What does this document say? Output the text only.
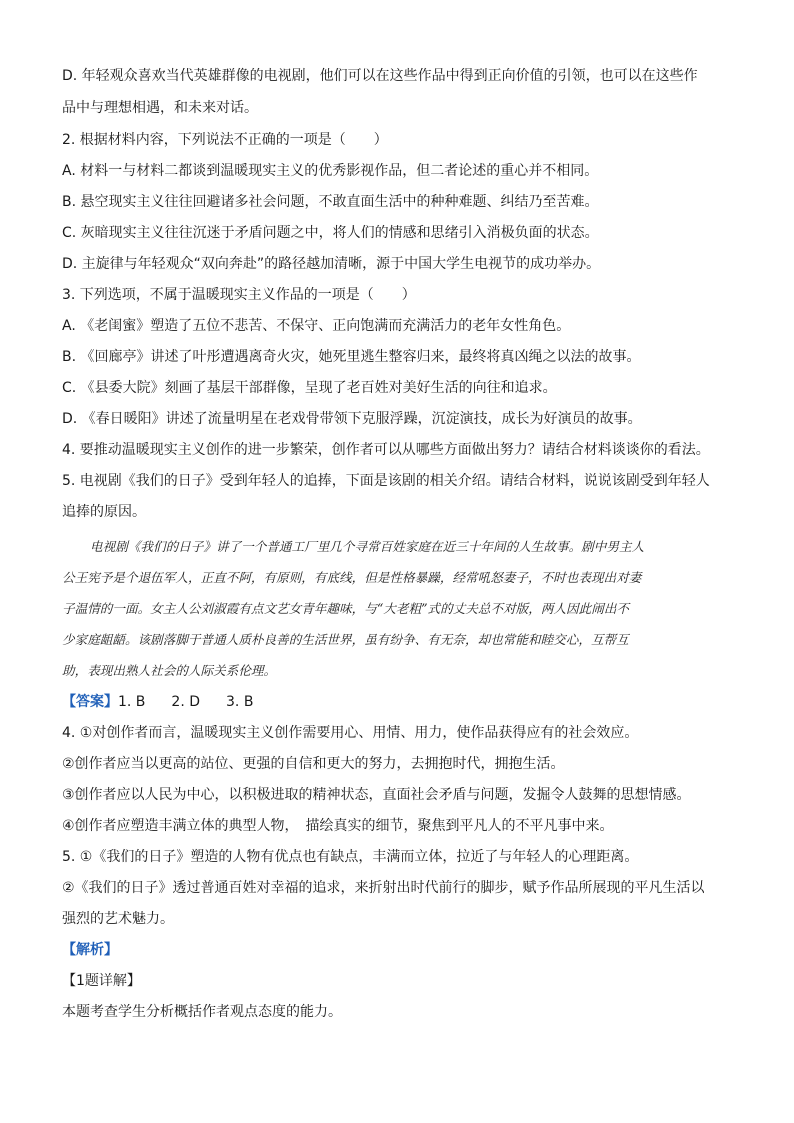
D. 年轻观众喜欢当代英雄群像的电视剧，他们可以在这些作品中得到正向价值的引领，也可以在这些作
品中与理想相遇，和未来对话。
2. 根据材料内容，下列说法不正确的一项是（　　）
A. 材料一与材料二都谈到温暖现实主义的优秀影视作品，但二者论述的重心并不相同。
B. 悬空现实主义往往回避诸多社会问题，不敢直面生活中的种种难题、纠结乃至苦难。
C. 灰暗现实主义往往沉迷于矛盾问题之中，将人们的情感和思绪引入消极负面的状态。
D. 主旋律与年轻观众“双向奔赴”的路径越加清晰，源于中国大学生电视节的成功举办。
3. 下列选项，不属于温暖现实主义作品的一项是（　　）
A. 《老闺蜜》塑造了五位不悲苦、不保守、正向饱满而充满活力的老年女性角色。
B. 《回廊亭》讲述了叶彤遭遇离奇火灾，她死里逃生整容归来，最终将真凶绳之以法的故事。
C. 《县委大院》刻画了基层干部群像，呈现了老百姓对美好生活的向往和追求。
D. 《春日暖阳》讲述了流量明星在老戏骨带领下克服浮躁，沉淀演技，成长为好演员的故事。
4. 要推动温暖现实主义创作的进一步繁荣，创作者可以从哪些方面做出努力？请结合材料谈谈你的看法。
5. 电视剧《我们的日子》受到年轻人的追捧，下面是该剧的相关介绍。请结合材料，说说该剧受到年轻人
追捧的原因。
电视剧《我们的日子》讲了一个普通工厂里几个寻常百姓家庭在近三十年间的人生故事。剧中男主人
公王宪予是个退伍军人，正直不阿，有原则，有底线，但是性格暴躁，经常吼怒妻子，不时也表现出对妻
子温情的一面。女主人公刘淑霞有点文艺女青年趣味，与“大老粗”式的丈夫总不对版，两人因此闹出不
少家庭龃龉。该剧落脚于普通人质朴良善的生活世界，虽有纷争、有无奈，却也常能和睦交心，互帮互
助，表现出熟人社会的人际关系伦理。
【答案】1. B 2. D 3. B
4. ①对创作者而言，温暖现实主义创作需要用心、用情、用力，使作品获得应有的社会效应。
②创作者应当以更高的站位、更强的自信和更大的努力，去拥抱时代，拥抱生活。
③创作者应以人民为中心，以积极进取的精神状态，直面社会矛盾与问题，发掘令人鼓舞的思想情感。
④创作者应塑造丰满立体的典型人物，　描绘真实的细节，聚焦到平凡人的不平凡事中来。
5. ①《我们的日子》塑造的人物有优点也有缺点，丰满而立体，拉近了与年轻人的心理距离。
②《我们的日子》透过普通百姓对幸福的追求，来折射出时代前行的脚步，赋予作品所展现的平凡生活以
强烈的艺术魅力。
【解析】
【1题详解】
本题考查学生分析概括作者观点态度的能力。
